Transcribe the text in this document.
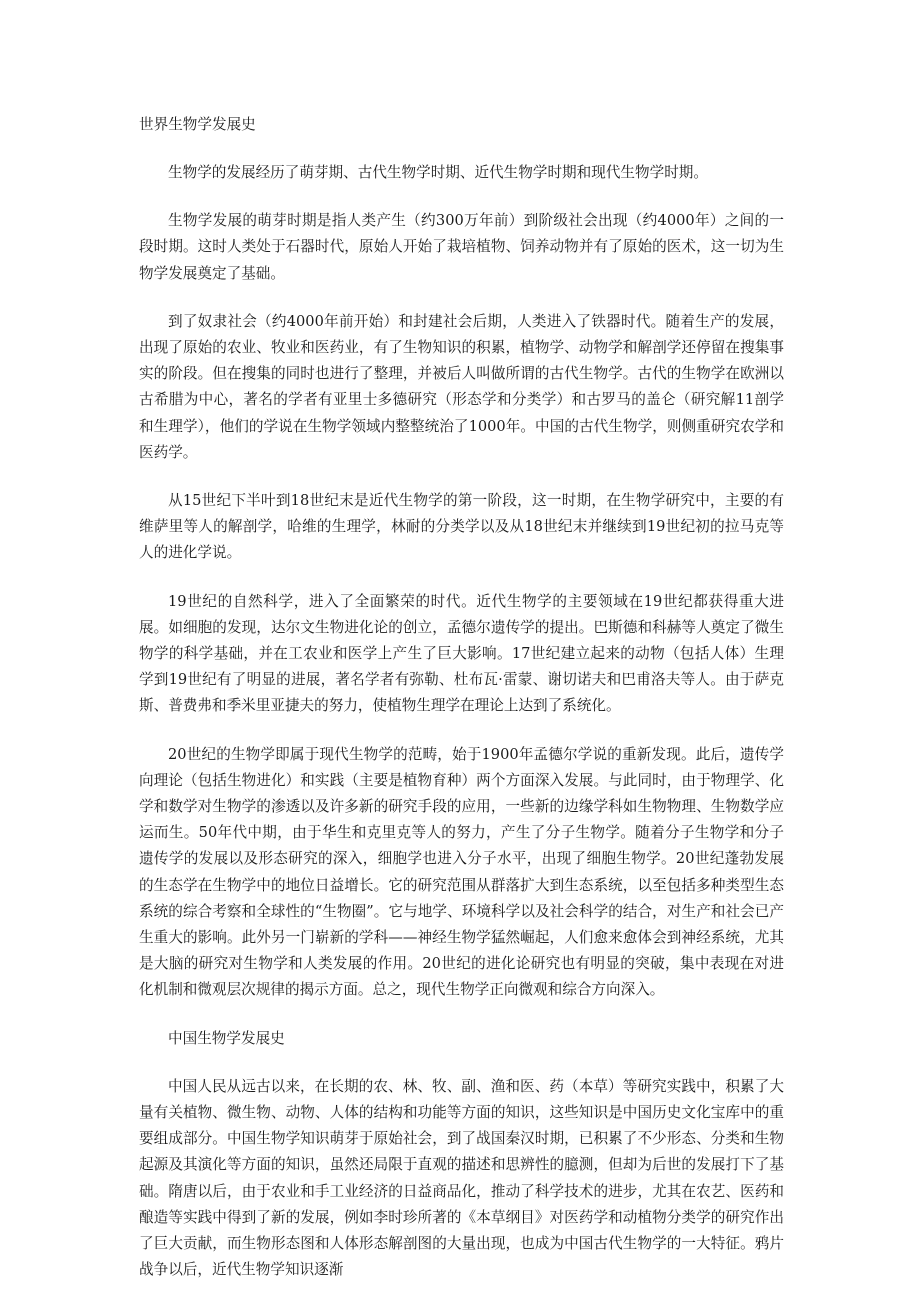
世界生物学发展史

生物学的发展经历了萌芽期、古代生物学时期、近代生物学时期和现代生物学时期。

生物学发展的萌芽时期是指人类产生（约300万年前）到阶级社会出现（约4000年）之间的一段时期。这时人类处于石器时代，原始人开始了栽培植物、饲养动物并有了原始的医术，这一切为生物学发展奠定了基础。

到了奴隶社会（约4000年前开始）和封建社会后期，人类进入了铁器时代。随着生产的发展，出现了原始的农业、牧业和医药业，有了生物知识的积累，植物学、动物学和解剖学还停留在搜集事实的阶段。但在搜集的同时也进行了整理，并被后人叫做所谓的古代生物学。古代的生物学在欧洲以古希腊为中心，著名的学者有亚里士多德研究（形态学和分类学）和古罗马的盖仑（研究解11剖学和生理学），他们的学说在生物学领域内整整统治了1000年。中国的古代生物学，则侧重研究农学和医药学。

从15世纪下半叶到18世纪末是近代生物学的第一阶段，这一时期，在生物学研究中，主要的有维萨里等人的解剖学，哈维的生理学，林耐的分类学以及从18世纪末并继续到19世纪初的拉马克等人的进化学说。

19世纪的自然科学，进入了全面繁荣的时代。近代生物学的主要领域在19世纪都获得重大进展。如细胞的发现，达尔文生物进化论的创立，孟德尔遗传学的提出。巴斯德和科赫等人奠定了微生物学的科学基础，并在工农业和医学上产生了巨大影响。17世纪建立起来的动物（包括人体）生理学到19世纪有了明显的进展，著名学者有弥勒、杜布瓦·雷蒙、谢切诺夫和巴甫洛夫等人。由于萨克斯、普费弗和季米里亚捷夫的努力，使植物生理学在理论上达到了系统化。

20世纪的生物学即属于现代生物学的范畴，始于1900年孟德尔学说的重新发现。此后，遗传学向理论（包括生物进化）和实践（主要是植物育种）两个方面深入发展。与此同时，由于物理学、化学和数学对生物学的渗透以及许多新的研究手段的应用，一些新的边缘学科如生物物理、生物数学应运而生。50年代中期，由于华生和克里克等人的努力，产生了分子生物学。随着分子生物学和分子遗传学的发展以及形态研究的深入，细胞学也进入分子水平，出现了细胞生物学。20世纪蓬勃发展的生态学在生物学中的地位日益增长。它的研究范围从群落扩大到生态系统，以至包括多种类型生态系统的综合考察和全球性的“生物圈”。它与地学、环境科学以及社会科学的结合，对生产和社会已产生重大的影响。此外另一门崭新的学科——神经生物学猛然崛起，人们愈来愈体会到神经系统，尤其是大脑的研究对生物学和人类发展的作用。20世纪的进化论研究也有明显的突破，集中表现在对进化机制和微观层次规律的揭示方面。总之，现代生物学正向微观和综合方向深入。

中国生物学发展史

中国人民从远古以来，在长期的农、林、牧、副、渔和医、药（本草）等研究实践中，积累了大量有关植物、微生物、动物、人体的结构和功能等方面的知识，这些知识是中国历史文化宝库中的重要组成部分。中国生物学知识萌芽于原始社会，到了战国秦汉时期，已积累了不少形态、分类和生物起源及其演化等方面的知识，虽然还局限于直观的描述和思辨性的臆测，但却为后世的发展打下了基础。隋唐以后，由于农业和手工业经济的日益商品化，推动了科学技术的进步，尤其在农艺、医药和酿造等实践中得到了新的发展，例如李时珍所著的《本草纲目》对医药学和动植物分类学的研究作出了巨大贡献，而生物形态图和人体形态解剖图的大量出现，也成为中国古代生物学的一大特征。鸦片战争以后，近代生物学知识逐渐
